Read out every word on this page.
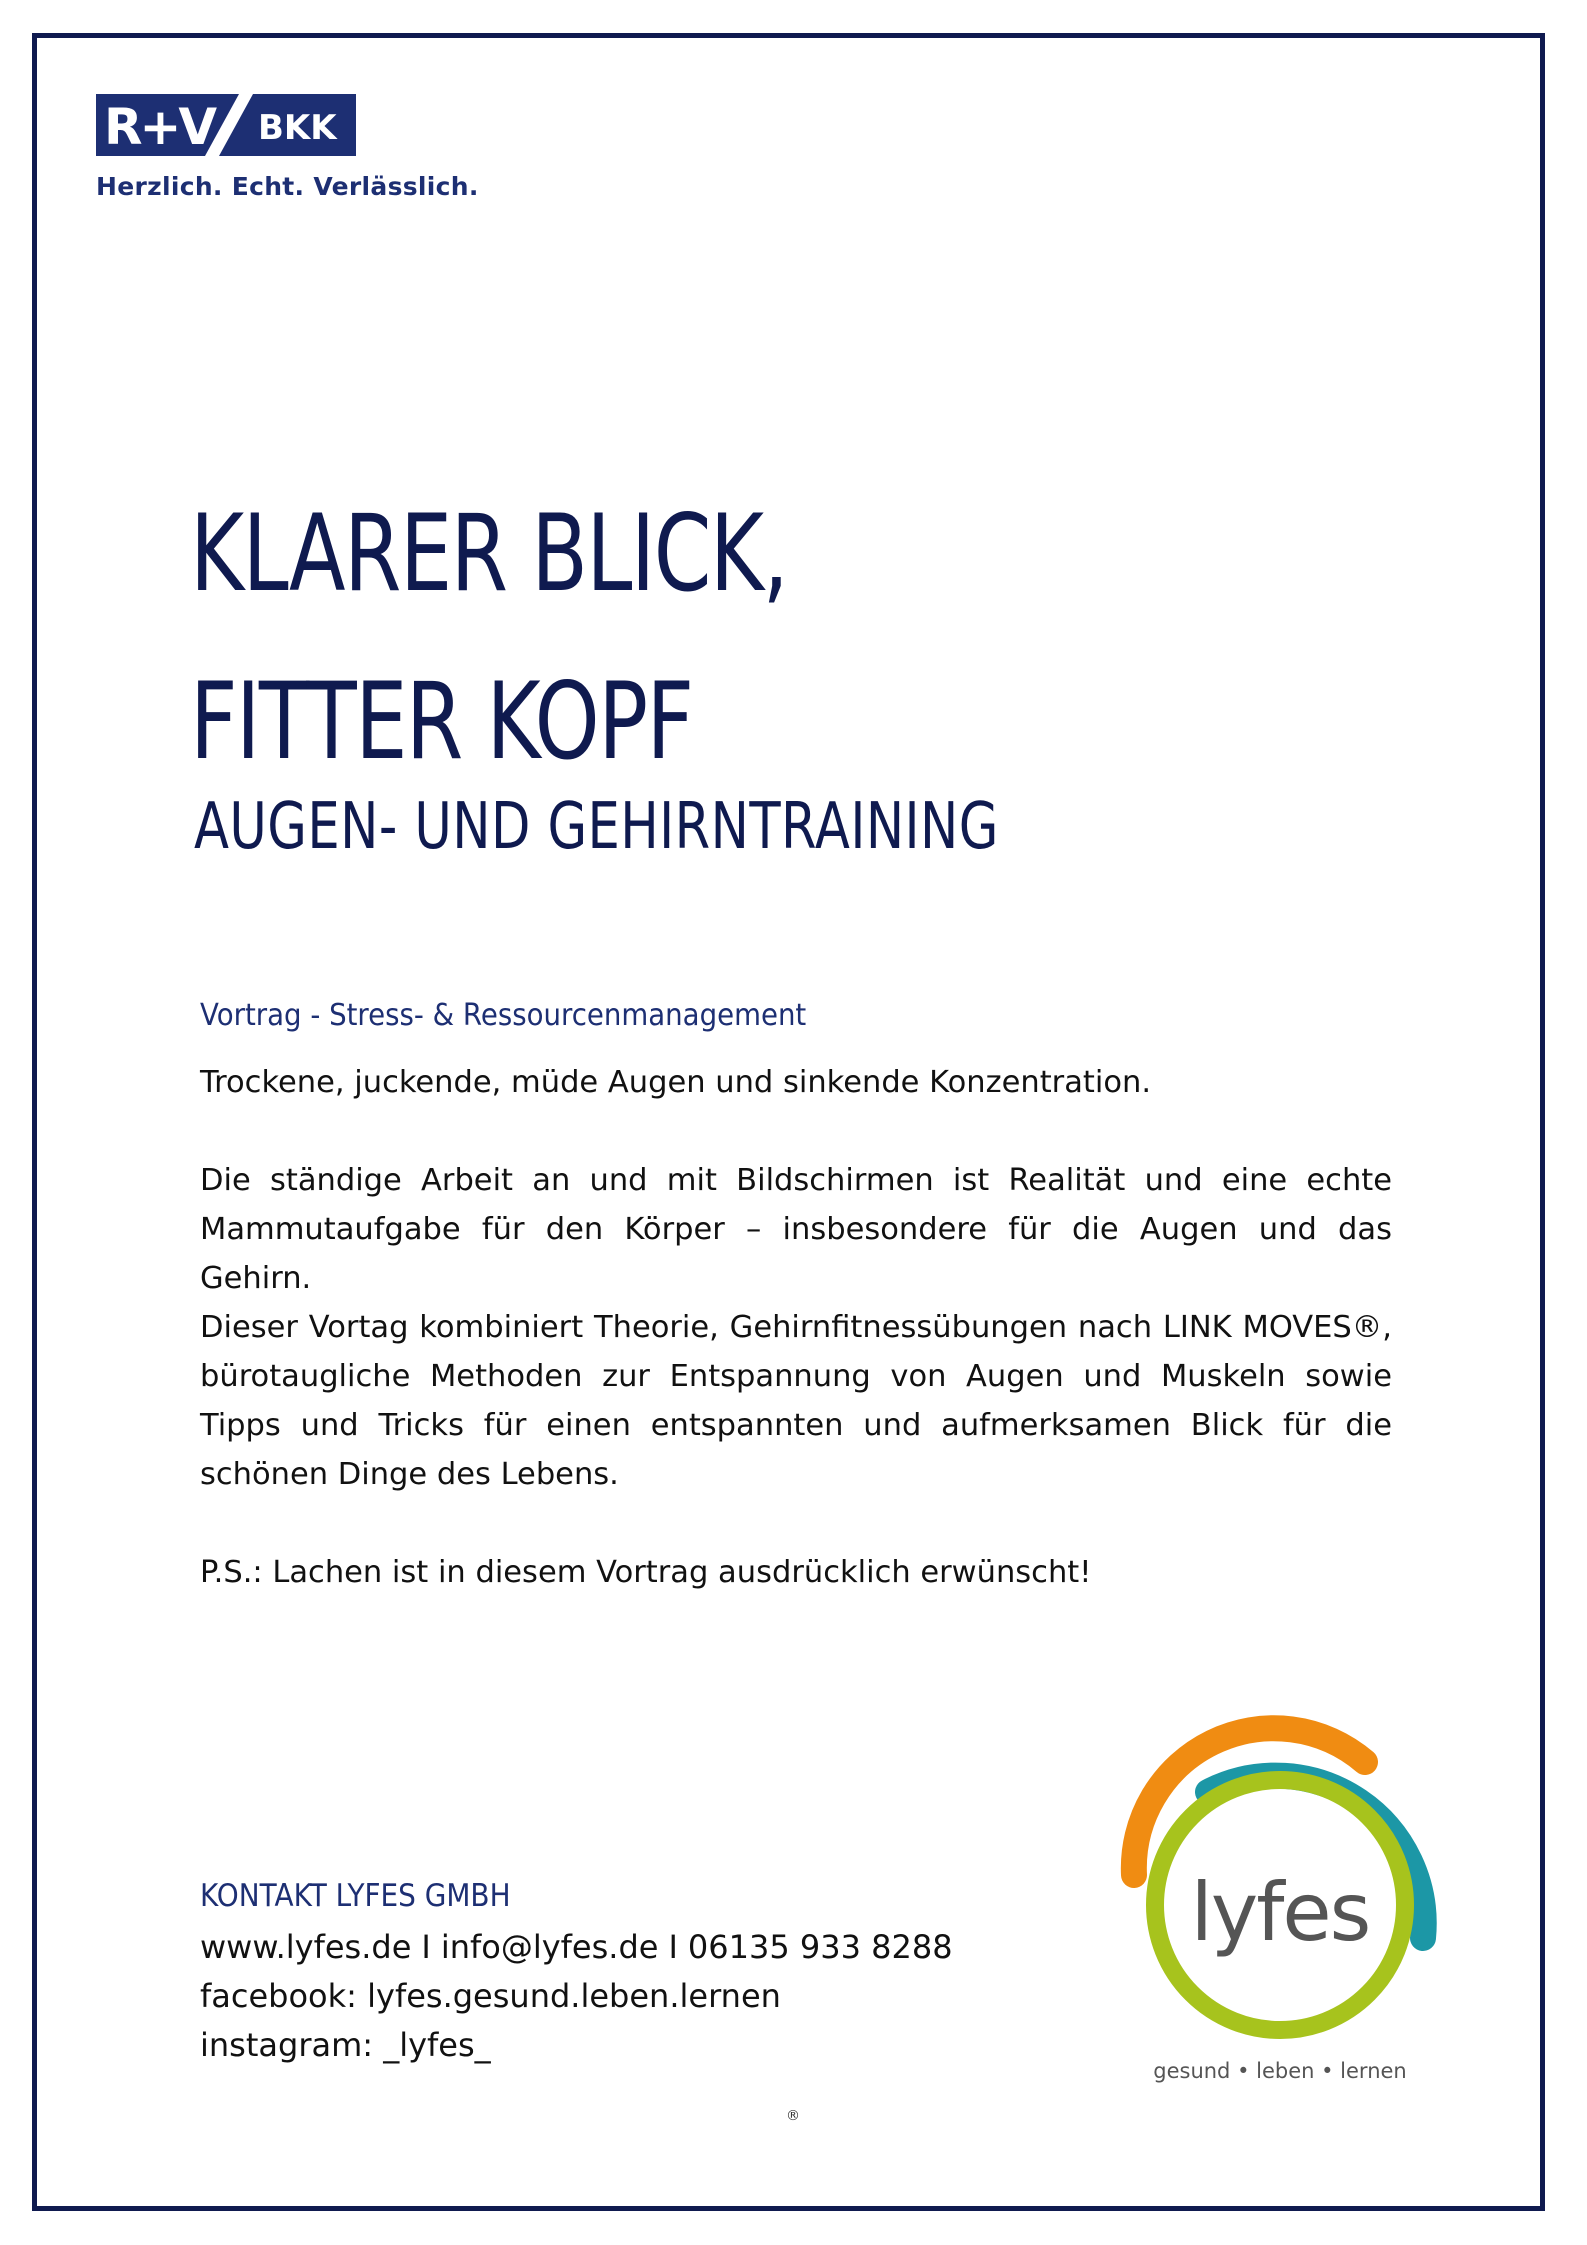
R+V BKK
Herzlich. Echt. Verlässlich.
KLARER BLICK,
FITTER KOPF
AUGEN- UND GEHIRNTRAINING
Vortrag - Stress- & Ressourcenmanagement

Trockene, juckende, müde Augen und sinkende Konzentration.

Die ständige Arbeit an und mit Bildschirmen ist Realität und eine echte Mammutaufgabe für den Körper – insbesondere für die Augen und das Gehirn.

Dieser Vortag kombiniert Theorie, Gehirnfitnessübungen nach LINK MOVES®, bürotaugliche Methoden zur Entspannung von Augen und Muskeln sowie Tipps und Tricks für einen entspannten und aufmerksamen Blick für die schönen Dinge des Lebens.

P.S.: Lachen ist in diesem Vortrag ausdrücklich erwünscht!

KONTAKT LYFES GMBH
www.lyfes.de I info@lyfes.de I 06135 933 8288
facebook: lyfes.gesund.leben.lernen
instagram: _lyfes_
lyfes
gesund • leben • lernen
®
